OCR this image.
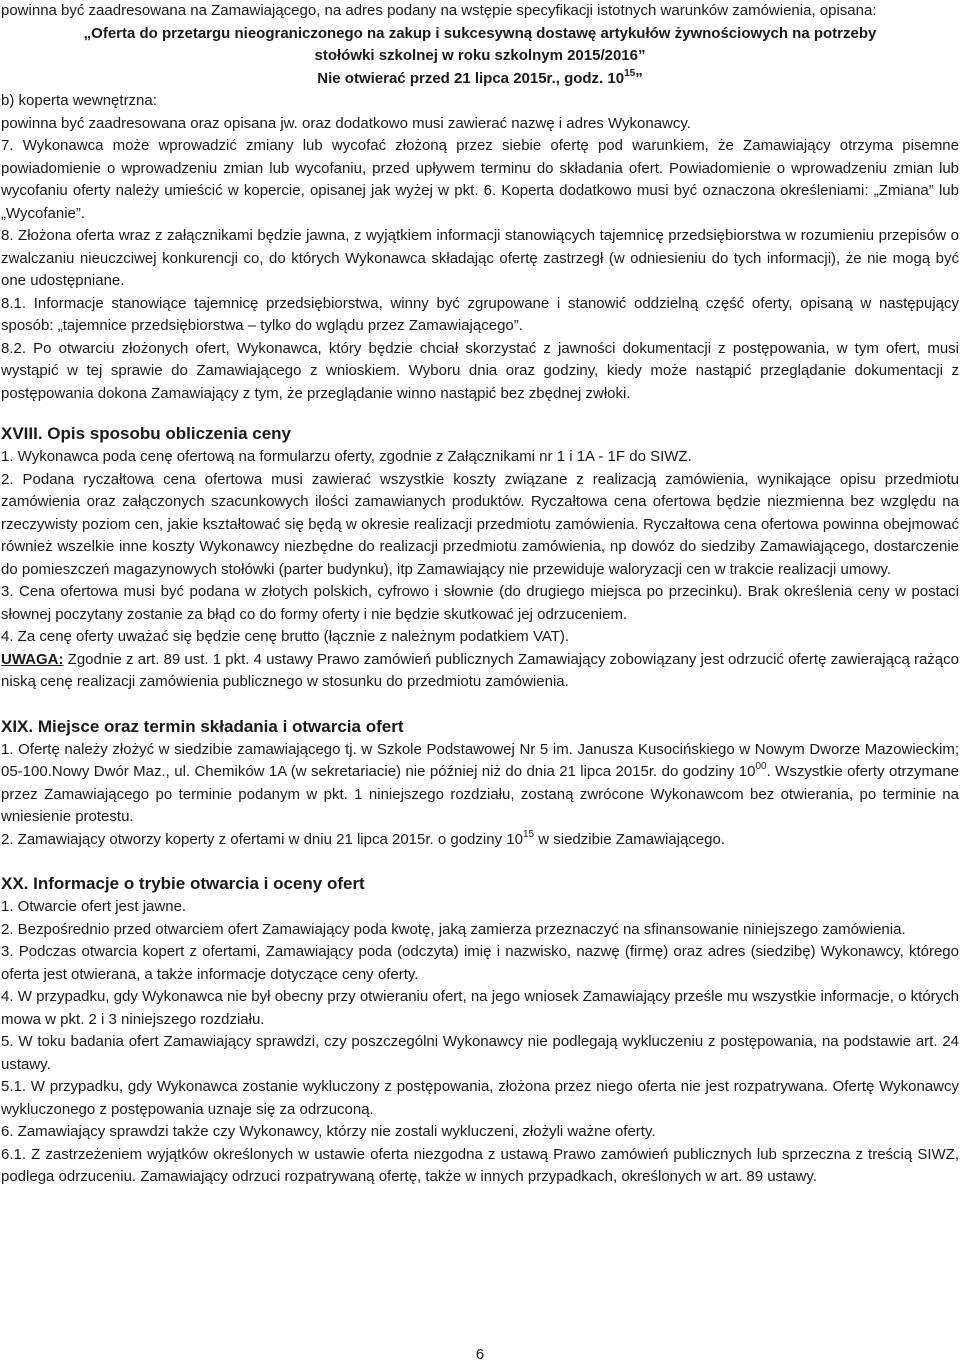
powinna być zaadresowana na Zamawiającego, na adres podany na wstępie specyfikacji istotnych warunków zamówienia, opisana:

„Oferta do przetargu nieograniczonego na zakup i sukcesywną dostawę artykułów żywnościowych na potrzeby

stołówki szkolnej w roku szkolnym 2015/2016”

Nie otwierać przed 21 lipca 2015r., godz. $10^{15}$”

b) koperta wewnętrzna:

powinna być zaadresowana oraz opisana jw. oraz dodatkowo musi zawierać nazwę i adres Wykonawcy.

7. Wykonawca może wprowadzić zmiany lub wycofać złożoną przez siebie ofertę pod warunkiem, że Zamawiający otrzyma pisemne powiadomienie o wprowadzeniu zmian lub wycofaniu, przed upływem terminu do składania ofert. Powiadomienie o wprowadzeniu zmian lub wycofaniu oferty należy umieścić w kopercie, opisanej jak wyżej w pkt. 6. Koperta dodatkowo musi być oznaczona określeniami: „Zmiana” lub „Wycofanie”.

8. Złożona oferta wraz z załącznikami będzie jawna, z wyjątkiem informacji stanowiących tajemnicę przedsiębiorstwa w rozumieniu przepisów o zwalczaniu nieuczciwej konkurencji co, do których Wykonawca składając ofertę zastrzegł (w odniesieniu do tych informacji), że nie mogą być one udostępniane.

8.1. Informacje stanowiące tajemnicę przedsiębiorstwa, winny być zgrupowane i stanowić oddzielną część oferty, opisaną w następujący sposób: „tajemnice przedsiębiorstwa – tylko do wglądu przez Zamawiającego”.

8.2. Po otwarciu złożonych ofert, Wykonawca, który będzie chciał skorzystać z jawności dokumentacji z postępowania, w tym ofert, musi wystąpić w tej sprawie do Zamawiającego z wnioskiem. Wyboru dnia oraz godziny, kiedy może nastąpić przeglądanie dokumentacji z postępowania dokona Zamawiający z tym, że przeglądanie winno nastąpić bez zbędnej zwłoki.

XVIII. Opis sposobu obliczenia ceny

1. Wykonawca poda cenę ofertową na formularzu oferty, zgodnie z Załącznikami nr 1 i 1A - 1F do SIWZ.

2. Podana ryczałtowa cena ofertowa musi zawierać wszystkie koszty związane z realizacją zamówienia, wynikające opisu przedmiotu zamówienia oraz załączonych szacunkowych ilości zamawianych produktów. Ryczałtowa cena ofertowa będzie niezmienna bez względu na rzeczywisty poziom cen, jakie kształtować się będą w okresie realizacji przedmiotu zamówienia. Ryczałtowa cena ofertowa powinna obejmować również wszelkie inne koszty Wykonawcy niezbędne do realizacji przedmiotu zamówienia, np dowóz do siedziby Zamawiającego, dostarczenie do pomieszczeń magazynowych stołówki (parter budynku), itp Zamawiający nie przewiduje waloryzacji cen w trakcie realizacji umowy.

3. Cena ofertowa musi być podana w złotych polskich, cyfrowo i słownie (do drugiego miejsca po przecinku). Brak określenia ceny w postaci słownej poczytany zostanie za błąd co do formy oferty i nie będzie skutkować jej odrzuceniem.

4. Za cenę oferty uważać się będzie cenę brutto (łącznie z należnym podatkiem VAT).

UWAGA: Zgodnie z art. 89 ust. 1 pkt. 4 ustawy Prawo zamówień publicznych Zamawiający zobowiązany jest odrzucić ofertę zawierającą rażąco niską cenę realizacji zamówienia publicznego w stosunku do przedmiotu zamówienia.

XIX. Miejsce oraz termin składania i otwarcia ofert

1. Ofertę należy złożyć w siedzibie zamawiającego tj. w Szkole Podstawowej Nr 5 im. Janusza Kusocińskiego w Nowym Dworze Mazowieckim; 05-100.Nowy Dwór Maz., ul. Chemików 1A (w sekretariacie) nie później niż do dnia 21 lipca 2015r. do godziny $10^{00}$. Wszystkie oferty otrzymane przez Zamawiającego po terminie podanym w pkt. 1 niniejszego rozdziału, zostaną zwrócone Wykonawcom bez otwierania, po terminie na wniesienie protestu.

2. Zamawiający otworzy koperty z ofertami w dniu 21 lipca 2015r. o godziny $10^{15}$ w siedzibie Zamawiającego.

XX. Informacje o trybie otwarcia i oceny ofert

1. Otwarcie ofert jest jawne.

2. Bezpośrednio przed otwarciem ofert Zamawiający poda kwotę, jaką zamierza przeznaczyć na sfinansowanie niniejszego zamówienia.

3. Podczas otwarcia kopert z ofertami, Zamawiający poda (odczyta) imię i nazwisko, nazwę (firmę) oraz adres (siedzibę) Wykonawcy, którego oferta jest otwierana, a także informacje dotyczące ceny oferty.

4. W przypadku, gdy Wykonawca nie był obecny przy otwieraniu ofert, na jego wniosek Zamawiający prześle mu wszystkie informacje, o których mowa w pkt. 2 i 3 niniejszego rozdziału.

5. W toku badania ofert Zamawiający sprawdzi, czy poszczególni Wykonawcy nie podlegają wykluczeniu z postępowania, na podstawie art. 24 ustawy.

5.1. W przypadku, gdy Wykonawca zostanie wykluczony z postępowania, złożona przez niego oferta nie jest rozpatrywana. Ofertę Wykonawcy wykluczonego z postępowania uznaje się za odrzuconą.

6. Zamawiający sprawdzi także czy Wykonawcy, którzy nie zostali wykluczeni, złożyli ważne oferty.

6.1. Z zastrzeżeniem wyjątków określonych w ustawie oferta niezgodna z ustawą Prawo zamówień publicznych lub sprzeczna z treścią SIWZ, podlega odrzuceniu. Zamawiający odrzuci rozpatrywaną ofertę, także w innych przypadkach, określonych w art. 89 ustawy.

6
